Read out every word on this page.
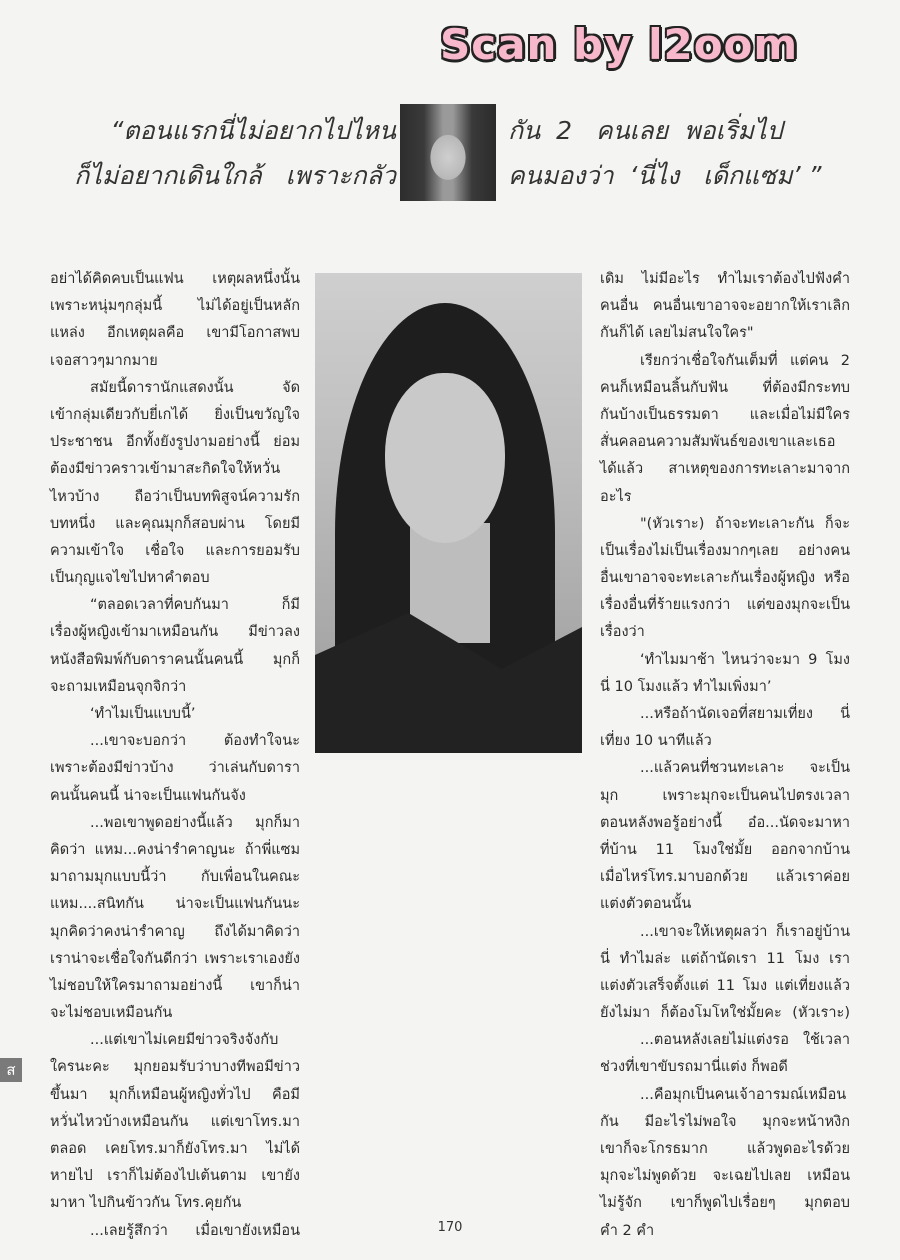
Scan by l2oom
“ตอนแรกนี่ไม่อยากไปไหน
ก็ไม่อยากเดินใกล้   เพราะกลัว
กัน  2   คนเลย  พอเริ่มไป
คนมองว่า  ‘นี่ไง   เด็กแซม’ ”
อย่าได้คิดคบเป็นแฟน เหตุผลหนึ่งนั้น
เพราะหนุ่มๆกลุ่มนี้ ไม่ได้อยู่เป็นหลัก
แหล่ง อีกเหตุผลคือ เขามีโอกาสพบ
เจอสาวๆมากมาย
สมัยนี้ดารานักแสดงนั้น จัด
เข้ากลุ่มเดียวกับยี่เกได้ ยิ่งเป็นขวัญใจ
ประชาชน อีกทั้งยังรูปงามอย่างนี้ ย่อม
ต้องมีข่าวคราวเข้ามาสะกิดใจให้หวั่น
ไหวบ้าง ถือว่าเป็นบทพิสูจน์ความรัก
บทหนึ่ง และคุณมุกก็สอบผ่าน โดยมี
ความเข้าใจ เชื่อใจ และการยอมรับ
เป็นกุญแจไขไปหาคำตอบ
“ตลอดเวลาที่คบกันมา ก็มี
เรื่องผู้หญิงเข้ามาเหมือนกัน มีข่าวลง
หนังสือพิมพ์กับดาราคนนั้นคนนี้ มุกก็
จะถามเหมือนจุกจิกว่า
‘ทำไมเป็นแบบนี้’
...เขาจะบอกว่า ต้องทำใจนะ
เพราะต้องมีข่าวบ้าง ว่าเล่นกับดารา
คนนั้นคนนี้ น่าจะเป็นแฟนกันจัง
...พอเขาพูดอย่างนี้แล้ว มุกก็มา
คิดว่า แหม...คงน่ารำคาญนะ ถ้าพี่แซม
มาถามมุกแบบนี้ว่า กับเพื่อนในคณะ
แหม....สนิทกัน น่าจะเป็นแฟนกันนะ
มุกคิดว่าคงน่ารำคาญ ถึงได้มาคิดว่า
เราน่าจะเชื่อใจกันดีกว่า เพราะเราเองยัง
ไม่ชอบให้ใครมาถามอย่างนี้ เขาก็น่า
จะไม่ชอบเหมือนกัน
...แต่เขาไม่เคยมีข่าวจริงจังกับ
ใครนะคะ มุกยอมรับว่าบางทีพอมีข่าว
ขึ้นมา มุกก็เหมือนผู้หญิงทั่วไป คือมี
หวั่นไหวบ้างเหมือนกัน แต่เขาโทร.มา
ตลอด เคยโทร.มาก็ยังโทร.มา ไม่ได้
หายไป เราก็ไม่ต้องไปเต้นตาม เขายัง
มาหา ไปกินข้าวกัน โทร.คุยกัน
...เลยรู้สึกว่า เมื่อเขายังเหมือน
เดิม ไม่มีอะไร ทำไมเราต้องไปฟังคำ
คนอื่น คนอื่นเขาอาจจะอยากให้เราเลิก
กันก็ได้ เลยไม่สนใจใคร"
เรียกว่าเชื่อใจกันเต็มที่ แต่คน 2
คนก็เหมือนลิ้นกับฟัน ที่ต้องมีกระทบ
กันบ้างเป็นธรรมดา และเมื่อไม่มีใคร
สั่นคลอนความสัมพันธ์ของเขาและเธอ
ได้แล้ว สาเหตุของการทะเลาะมาจาก
อะไร
"(หัวเราะ) ถ้าจะทะเลาะกัน ก็จะ
เป็นเรื่องไม่เป็นเรื่องมากๆเลย อย่างคน
อื่นเขาอาจจะทะเลาะกันเรื่องผู้หญิง หรือ
เรื่องอื่นที่ร้ายแรงกว่า แต่ของมุกจะเป็น
เรื่องว่า
‘ทำไมมาช้า ไหนว่าจะมา 9 โมง
นี่ 10 โมงแล้ว ทำไมเพิ่งมา’
...หรือถ้านัดเจอที่สยามเที่ยง นี่
เที่ยง 10 นาทีแล้ว
...แล้วคนที่ชวนทะเลาะ จะเป็น
มุก เพราะมุกจะเป็นคนไปตรงเวลา
ตอนหลังพอรู้อย่างนี้ อ๋อ...นัดจะมาหา
ที่บ้าน 11 โมงใช่มั้ย ออกจากบ้าน
เมื่อไหร่โทร.มาบอกด้วย แล้วเราค่อย
แต่งตัวตอนนั้น
...เขาจะให้เหตุผลว่า ก็เราอยู่บ้าน
นี่ ทำไมล่ะ แต่ถ้านัดเรา 11 โมง เรา
แต่งตัวเสร็จตั้งแต่ 11 โมง แต่เที่ยงแล้ว
ยังไม่มา ก็ต้องโมโหใช่มั้ยคะ (หัวเราะ)
...ตอนหลังเลยไม่แต่งรอ ใช้เวลา
ช่วงที่เขาขับรถมานี่แต่ง ก็พอดี
...คือมุกเป็นคนเจ้าอารมณ์เหมือน
กัน มีอะไรไม่พอใจ มุกจะหน้าหงิก
เขาก็จะโกรธมาก แล้วพูดอะไรด้วย
มุกจะไม่พูดด้วย จะเฉยไปเลย เหมือน
ไม่รู้จัก เขาก็พูดไปเรื่อยๆ มุกตอบ
คำ 2 คำ
ส
170
